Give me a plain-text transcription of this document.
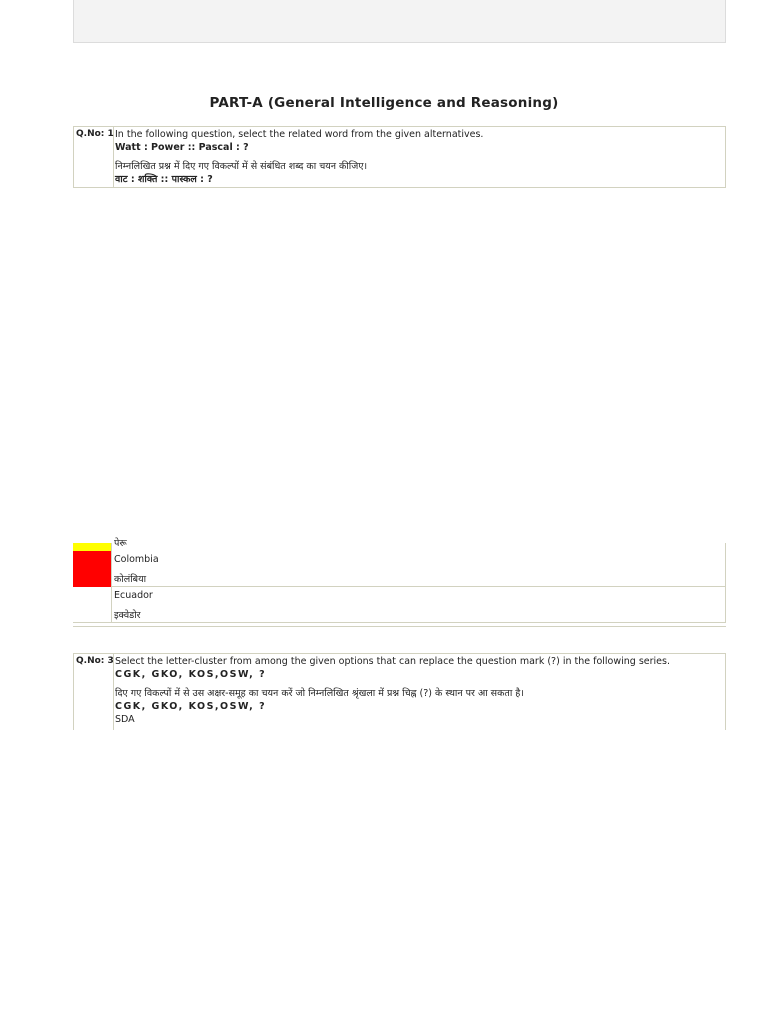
PART-A (General Intelligence and Reasoning)
Q.No: 1 In the following question, select the related word from the given alternatives.
Watt : Power :: Pascal : ?
निम्नलिखित प्रश्न में दिए गए विकल्पों में से संबंधित शब्द का चयन कीजिए।
वाट : शक्ति :: पास्कल : ?
पेरू
Colombia
कोलंबिया
Ecuador
इक्वेडोर
Q.No: 3 Select the letter-cluster from among the given options that can replace the question mark (?) in the following series.
CGK, GKO, KOS,OSW, ?
दिए गए विकल्पों में से उस अक्षर-समूह का चयन करें जो निम्नलिखित श्रृंखला में प्रश्न चिह्न (?) के स्थान पर आ सकता है।
CGK, GKO, KOS,OSW, ?
SDA
